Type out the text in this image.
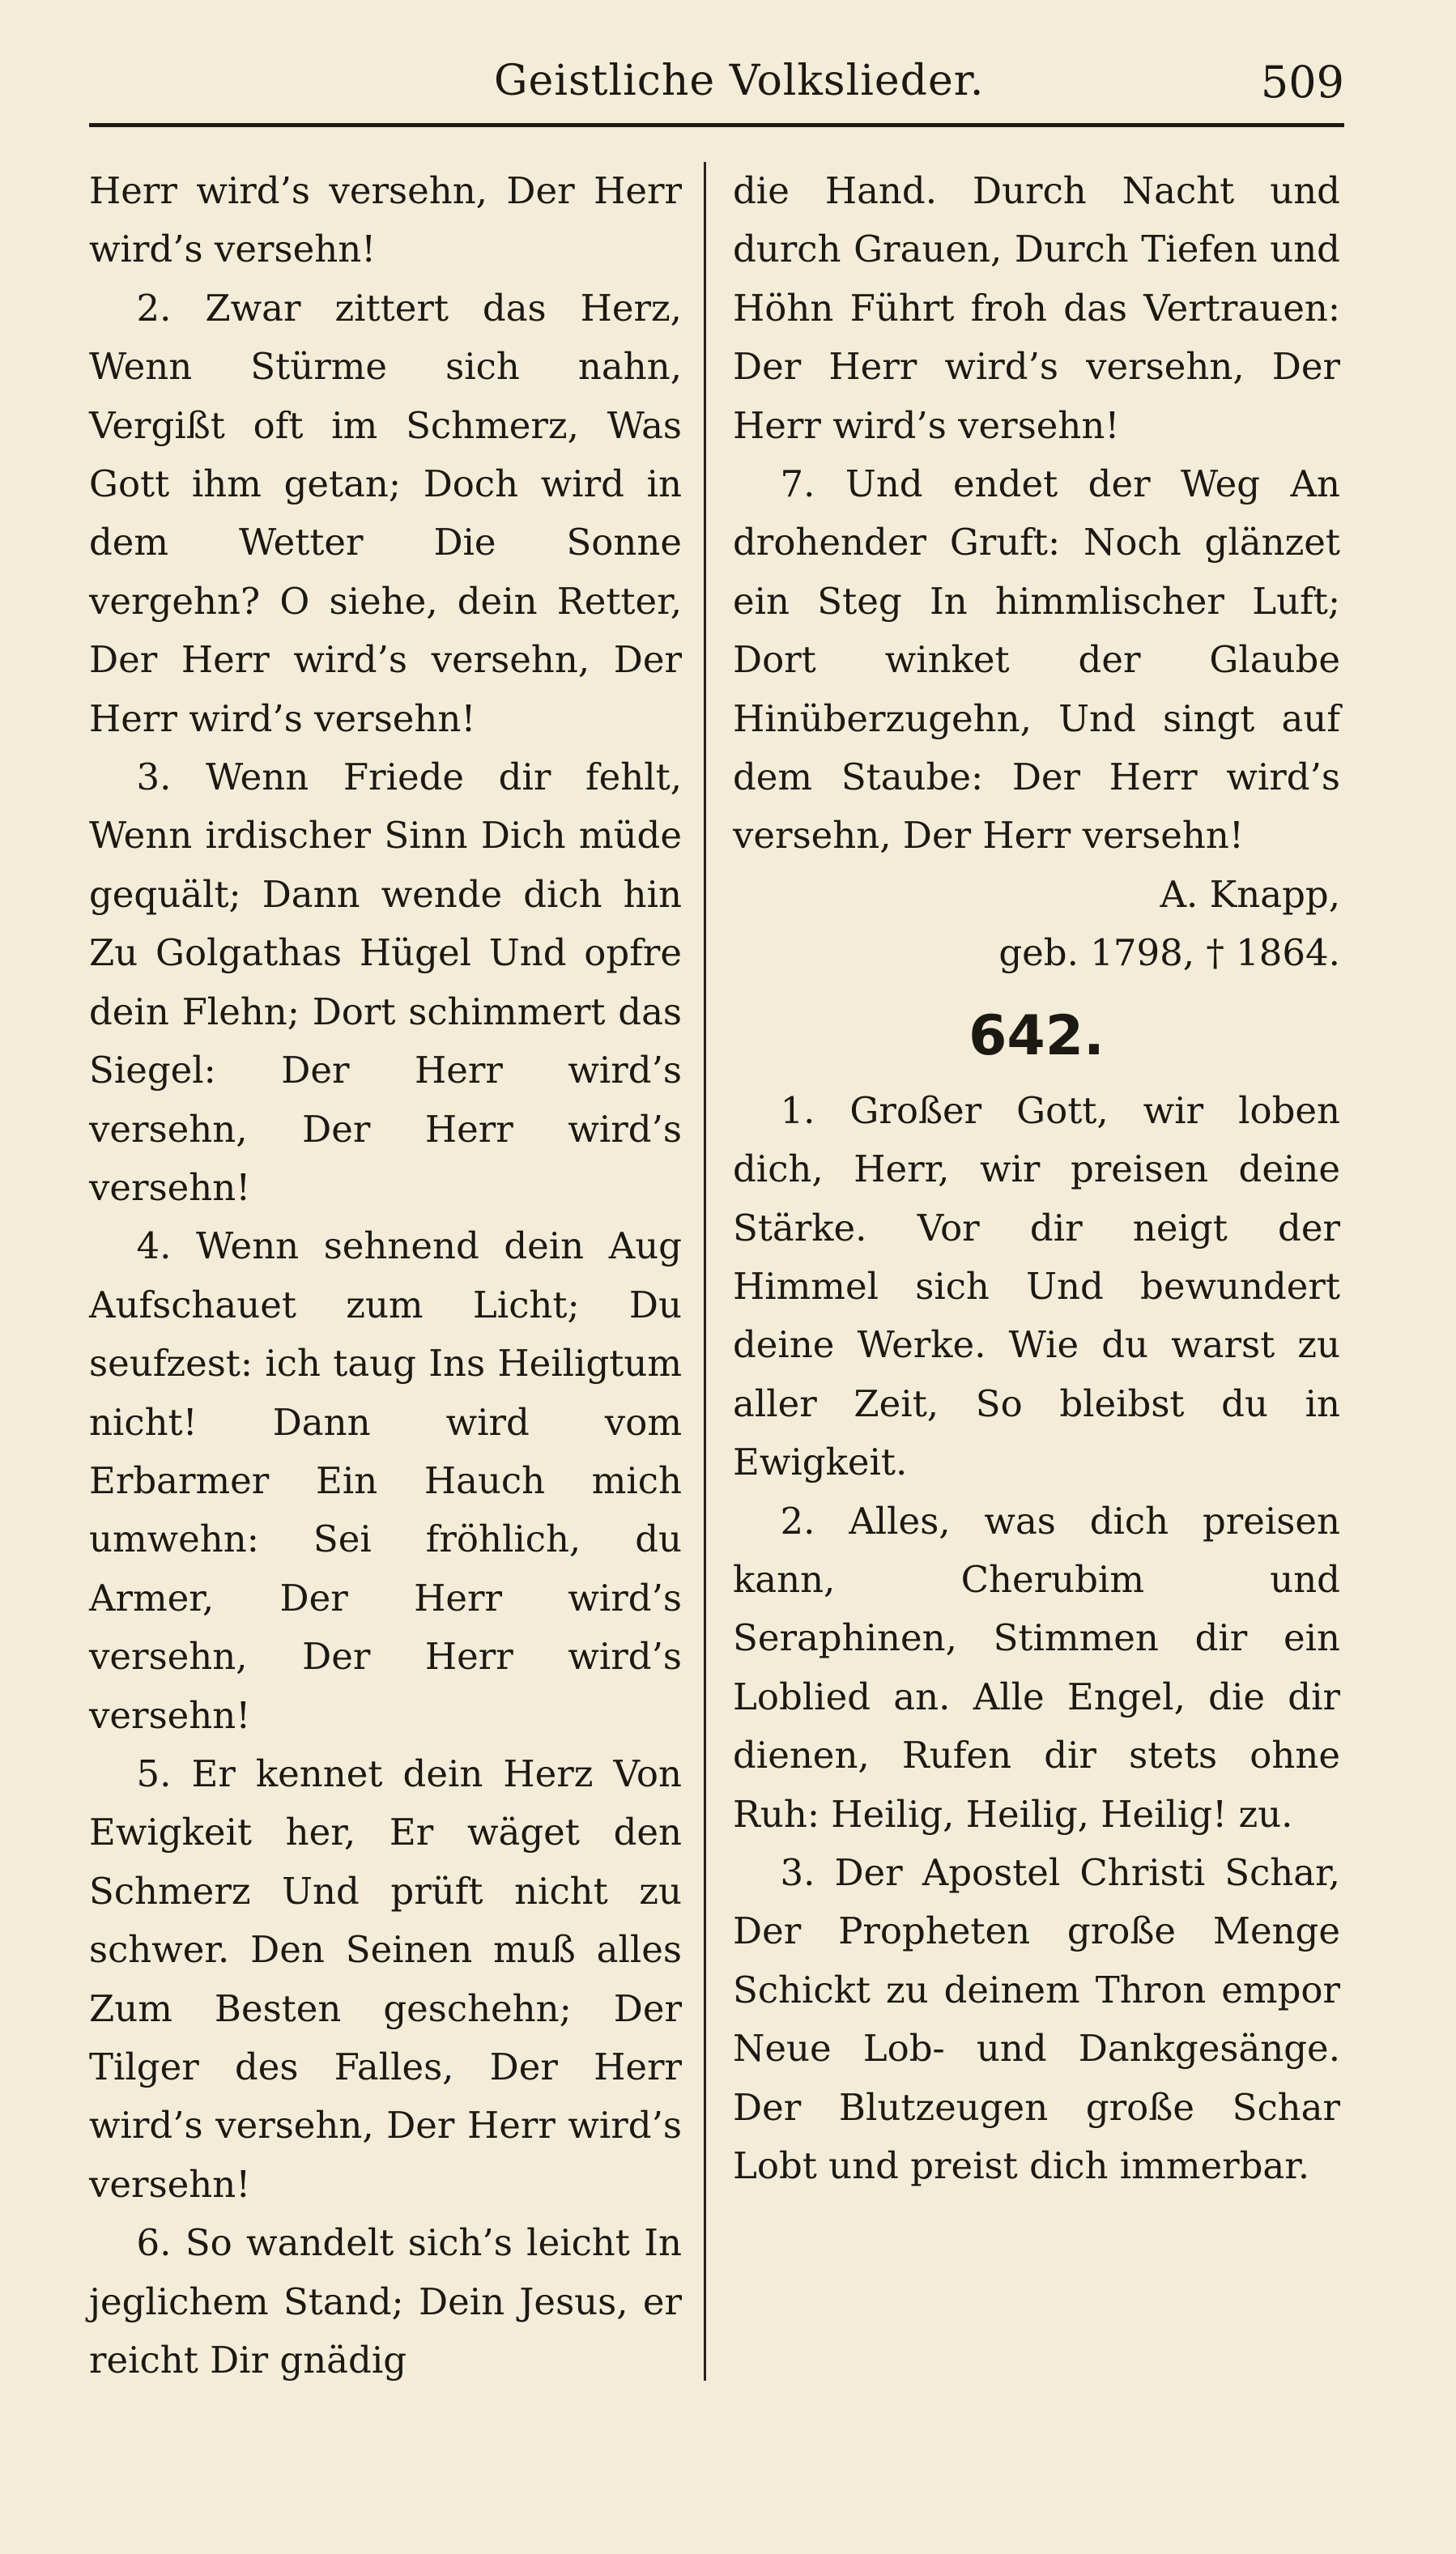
Geistliche Volkslieder.	509

Herr wird’s versehn, Der Herr wird’s versehn!

2. Zwar zittert das Herz, Wenn Stürme sich nahn, Vergißt oft im Schmerz, Was Gott ihm getan; Doch wird in dem Wetter Die Sonne vergehn? O siehe, dein Retter, Der Herr wird’s versehn, Der Herr wird’s versehn!

3. Wenn Friede dir fehlt, Wenn irdischer Sinn Dich müde gequält; Dann wende dich hin Zu Golgathas Hügel Und opfre dein Flehn; Dort schimmert das Siegel: Der Herr wird’s versehn, Der Herr wird’s versehn!

4. Wenn sehnend dein Aug Aufschauet zum Licht; Du seufzest: ich taug Ins Heiligtum nicht! Dann wird vom Erbarmer Ein Hauch mich umwehn: Sei fröhlich, du Armer, Der Herr wird’s versehn, Der Herr wird’s versehn!

5. Er kennet dein Herz Von Ewigkeit her, Er wäget den Schmerz Und prüft nicht zu schwer. Den Seinen muß alles Zum Besten geschehn; Der Tilger des Falles, Der Herr wird’s versehn, Der Herr wird’s versehn!

6. So wandelt sich’s leicht In jeglichem Stand; Dein Jesus, er reicht Dir gnädig

die Hand. Durch Nacht und durch Grauen, Durch Tiefen und Höhn Führt froh das Vertrauen: Der Herr wird’s versehn, Der Herr wird’s versehn!

7. Und endet der Weg An drohender Gruft: Noch glänzet ein Steg In himmlischer Luft; Dort winket der Glaube Hinüberzugehn, Und singt auf dem Staube: Der Herr wird’s versehn, Der Herr versehn!

A. Knapp,
geb. 1798, † 1864.
642.

1. Großer Gott, wir loben dich, Herr, wir preisen deine Stärke. Vor dir neigt der Himmel sich Und bewundert deine Werke. Wie du warst zu aller Zeit, So bleibst du in Ewigkeit.

2. Alles, was dich preisen kann, Cherubim und Seraphinen, Stimmen dir ein Loblied an. Alle Engel, die dir dienen, Rufen dir stets ohne Ruh: Heilig, Heilig, Heilig! zu.

3. Der Apostel Christi Schar, Der Propheten große Menge Schickt zu deinem Thron empor Neue Lob- und Dankgesänge. Der Blutzeugen große Schar Lobt und preist dich immerbar.
